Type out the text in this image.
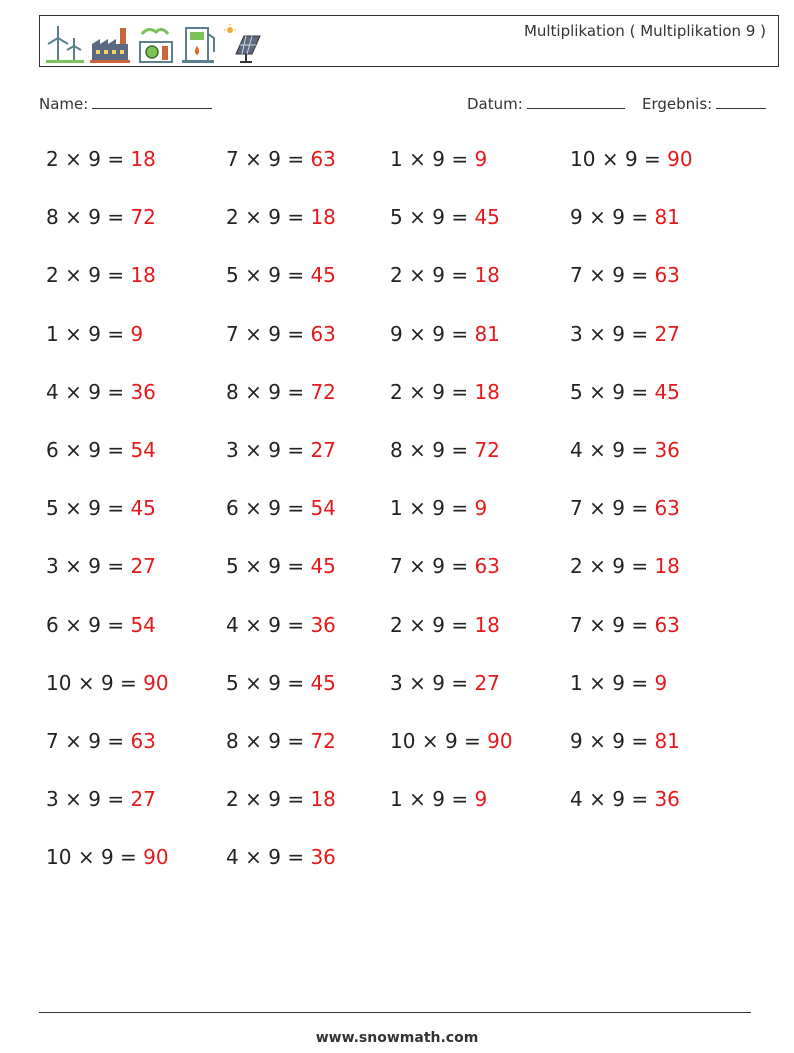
Multiplikation ( Multiplikation 9 )
Name:	Datum:	Ergebnis:
2 × 9 = 18	7 × 9 = 63	1 × 9 = 9	10 × 9 = 90
8 × 9 = 72	2 × 9 = 18	5 × 9 = 45	9 × 9 = 81
2 × 9 = 18	5 × 9 = 45	2 × 9 = 18	7 × 9 = 63
1 × 9 = 9	7 × 9 = 63	9 × 9 = 81	3 × 9 = 27
4 × 9 = 36	8 × 9 = 72	2 × 9 = 18	5 × 9 = 45
6 × 9 = 54	3 × 9 = 27	8 × 9 = 72	4 × 9 = 36
5 × 9 = 45	6 × 9 = 54	1 × 9 = 9	7 × 9 = 63
3 × 9 = 27	5 × 9 = 45	7 × 9 = 63	2 × 9 = 18
6 × 9 = 54	4 × 9 = 36	2 × 9 = 18	7 × 9 = 63
10 × 9 = 90	5 × 9 = 45	3 × 9 = 27	1 × 9 = 9
7 × 9 = 63	8 × 9 = 72	10 × 9 = 90	9 × 9 = 81
3 × 9 = 27	2 × 9 = 18	1 × 9 = 9	4 × 9 = 36
10 × 9 = 90	4 × 9 = 36
www.snowmath.com
